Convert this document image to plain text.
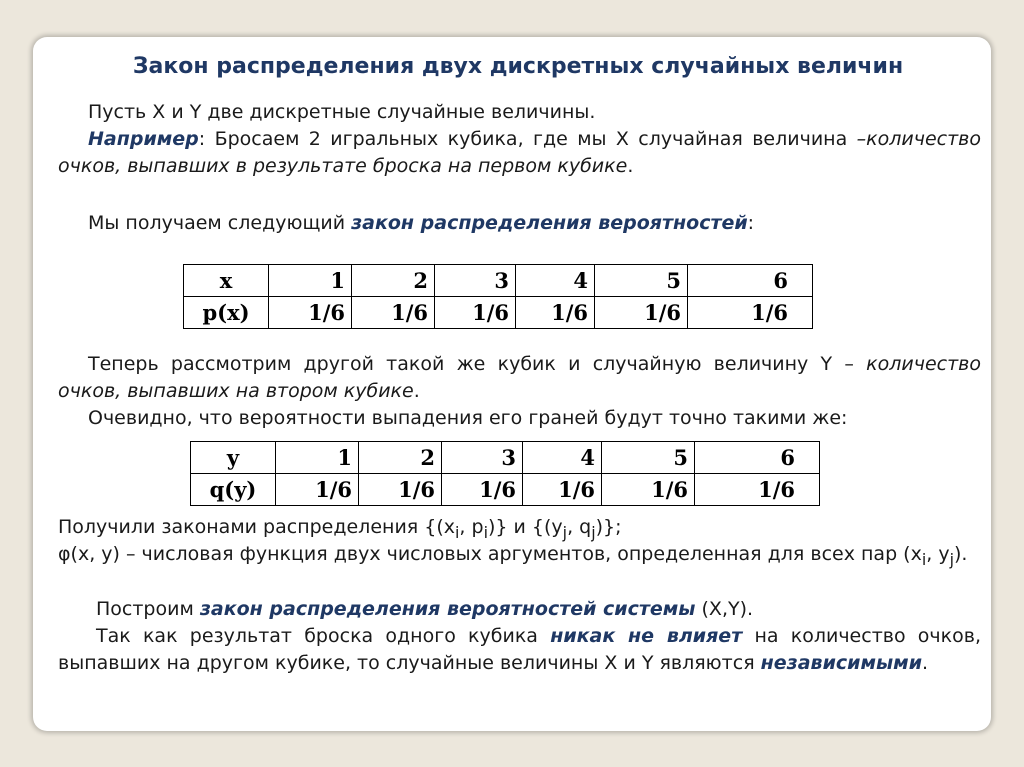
Закон распределения двух дискретных случайных величин

Пусть X и Y две дискретные случайные величины.

Например: Бросаем 2 игральных кубика, где мы X случайная величина –количество очков, выпавших в результате броска на первом кубике.

Мы получаем следующий закон распределения вероятностей:

x	1	2	3	4	5	6
p(x)	1/6	1/6	1/6	1/6	1/6	1/6

Теперь рассмотрим другой такой же кубик и случайную величину Y – количество очков, выпавших на втором кубике.

Очевидно, что вероятности выпадения его граней будут точно такими же:

y	1	2	3	4	5	6
q(y)	1/6	1/6	1/6	1/6	1/6	1/6

Получили законами распределения {($x_i$, $p_i$)} и {($y_j$, $q_j$)};

φ(x, y) – числовая функция двух числовых аргументов, определенная для всех пар ($x_i$, $y_j$).

Построим закон распределения вероятностей системы (X,Y).

Так как результат броска одного кубика никак не влияет на количество очков, выпавших на другом кубике, то случайные величины X и Y являются независимыми.
